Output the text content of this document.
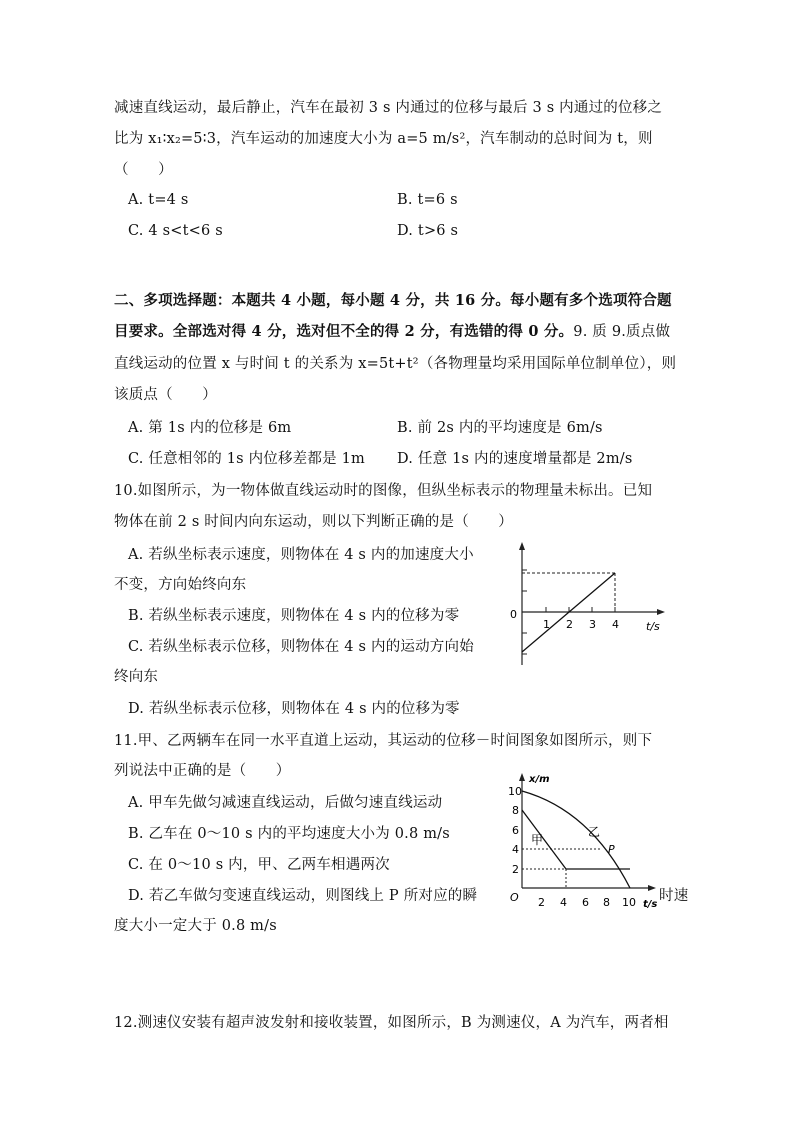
减速直线运动，最后静止，汽车在最初 3 s 内通过的位移与最后 3 s 内通过的位移之
比为 x₁∶x₂=5∶3，汽车运动的加速度大小为 a=5 m/s²，汽车制动的总时间为 t，则
（　　）
A. t=4 s	B. t=6 s
C. 4 s<t<6 s	D. t>6 s
二、多项选择题：本题共 4 小题，每小题 4 分，共 16 分。每小题有多个选项符合题
目要求。全部选对得 4 分，选对但不全的得 2 分，有选错的得 0 分。9. 质 9.质点做
直线运动的位置 x 与时间 t 的关系为 x=5t+t²（各物理量均采用国际单位制单位），则
该质点（　　）
A. 第 1s 内的位移是 6m	B. 前 2s 内的平均速度是 6m/s
C. 任意相邻的 1s 内位移差都是 1m D. 任意 1s 内的速度增量都是 2m/s
10.如图所示，为一物体做直线运动时的图像，但纵坐标表示的物理量未标出。已知
物体在前 2 s 时间内向东运动，则以下判断正确的是（　　）
A. 若纵坐标表示速度，则物体在 4 s 内的加速度大小
不变，方向始终向东
B. 若纵坐标表示速度，则物体在 4 s 内的位移为零
C. 若纵坐标表示位移，则物体在 4 s 内的运动方向始
终向东
D. 若纵坐标表示位移，则物体在 4 s 内的位移为零
0
1 2 3 4 t/s
11.甲、乙两辆车在同一水平直道上运动，其运动的位移－时间图象如图所示，则下
列说法中正确的是（　　）
A. 甲车先做匀减速直线运动，后做匀速直线运动
B. 乙车在 0～10 s 内的平均速度大小为 0.8 m/s
C. 在 0～10 s 内，甲、乙两车相遇两次
D. 若乙车做匀变速直线运动，则图线上 P 所对应的瞬	时速
度大小一定大于 0.8 m/s
x/m
10
8
6
4
2
O 2 4 6 8 10 t/s
甲
乙
P
12.测速仪安装有超声波发射和接收装置，如图所示，B 为测速仪，A 为汽车，两者相
